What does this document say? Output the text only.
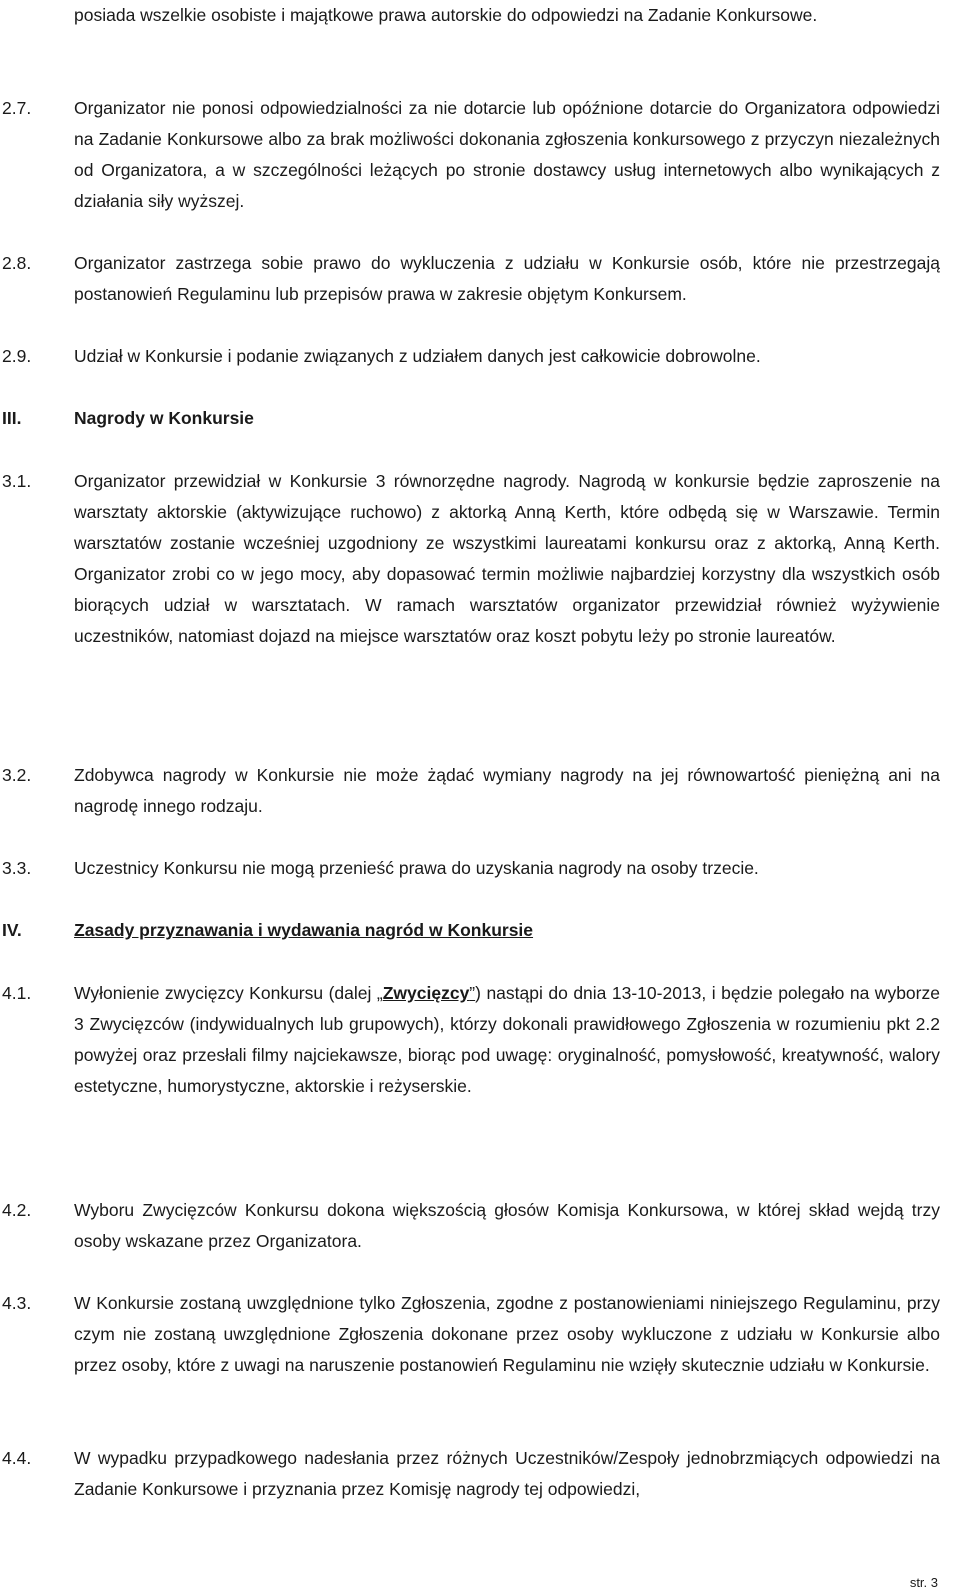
posiada wszelkie osobiste i majątkowe prawa autorskie do odpowiedzi na Zadanie Konkursowe.
2.7.	Organizator nie ponosi odpowiedzialności za nie dotarcie lub opóźnione dotarcie do Organizatora odpowiedzi na Zadanie Konkursowe albo za brak możliwości dokonania zgłoszenia konkursowego z przyczyn niezależnych od Organizatora, a w szczególności leżących po stronie dostawcy usług internetowych albo wynikających z działania siły wyższej.
2.8.	Organizator zastrzega sobie prawo do wykluczenia z udziału w Konkursie osób, które nie przestrzegają postanowień Regulaminu lub przepisów prawa w zakresie objętym Konkursem.
2.9.	Udział w Konkursie i podanie związanych z udziałem danych jest całkowicie dobrowolne.
III.	Nagrody w Konkursie
3.1.	Organizator przewidział w Konkursie 3 równorzędne nagrody. Nagrodą w konkursie będzie zaproszenie na warsztaty aktorskie (aktywizujące ruchowo) z aktorką Anną Kerth, które odbędą się w Warszawie. Termin warsztatów zostanie wcześniej uzgodniony ze wszystkimi laureatami konkursu oraz z aktorką, Anną Kerth. Organizator zrobi co w jego mocy, aby dopasować termin możliwie najbardziej korzystny dla wszystkich osób biorących udział w warsztatach. W ramach warsztatów organizator przewidział również wyżywienie uczestników, natomiast dojazd na miejsce warsztatów oraz koszt pobytu leży po stronie laureatów.
3.2.	Zdobywca nagrody w Konkursie nie może żądać wymiany nagrody na jej równowartość pieniężną ani na nagrodę innego rodzaju.
3.3.	Uczestnicy Konkursu nie mogą przenieść prawa do uzyskania nagrody na osoby trzecie.
IV.	Zasady przyznawania i wydawania nagród w Konkursie
4.1.	Wyłonienie zwycięzcy Konkursu (dalej „Zwycięzcy”) nastąpi do dnia 13-10-2013, i będzie polegało na wyborze 3 Zwycięzców (indywidualnych lub grupowych), którzy dokonali prawidłowego Zgłoszenia w rozumieniu pkt 2.2 powyżej oraz przesłali filmy najciekawsze, biorąc pod uwagę: oryginalność, pomysłowość, kreatywność, walory estetyczne, humorystyczne, aktorskie i reżyserskie.
4.2.	Wyboru Zwycięzców Konkursu dokona większością głosów Komisja Konkursowa, w której skład wejdą trzy osoby wskazane przez Organizatora.
4.3.	W Konkursie zostaną uwzględnione tylko Zgłoszenia, zgodne z postanowieniami niniejszego Regulaminu, przy czym nie zostaną uwzględnione Zgłoszenia dokonane przez osoby wykluczone z udziału w Konkursie albo przez osoby, które z uwagi na naruszenie postanowień Regulaminu nie wzięły skutecznie udziału w Konkursie.
4.4.	W wypadku przypadkowego nadesłania przez różnych Uczestników/Zespoły jednobrzmiących odpowiedzi na Zadanie Konkursowe i przyznania przez Komisję nagrody tej odpowiedzi,
str. 3
